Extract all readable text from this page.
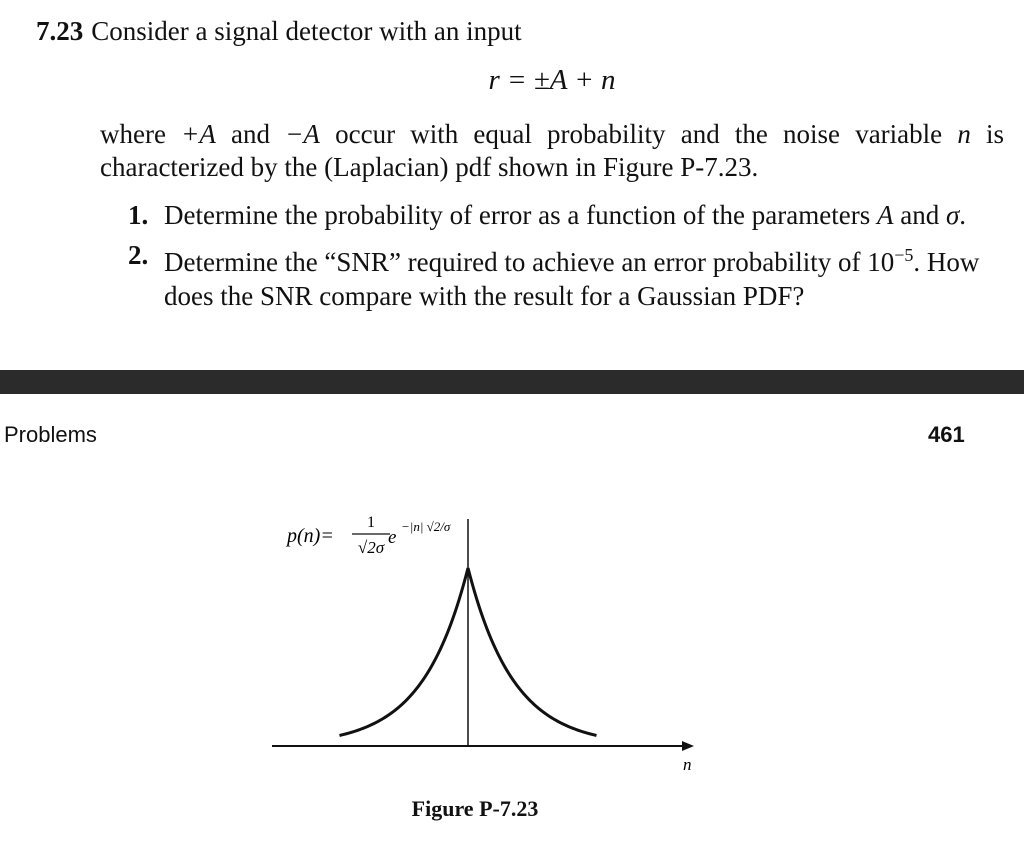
7.23 Consider a signal detector with an input
r = ±A + n

where +A and −A occur with equal probability and the noise variable n is characterized by the (Laplacian) pdf shown in Figure P-7.23.

1. Determine the probability of error as a function of the parameters A and σ.
2. Determine the “SNR” required to achieve an error probability of $10^{-5}$. How does the SNR compare with the result for a Gaussian PDF?
Problems	461
p(n)=
1
√2σ e
−|n| √2/σ
n
Figure P-7.23
